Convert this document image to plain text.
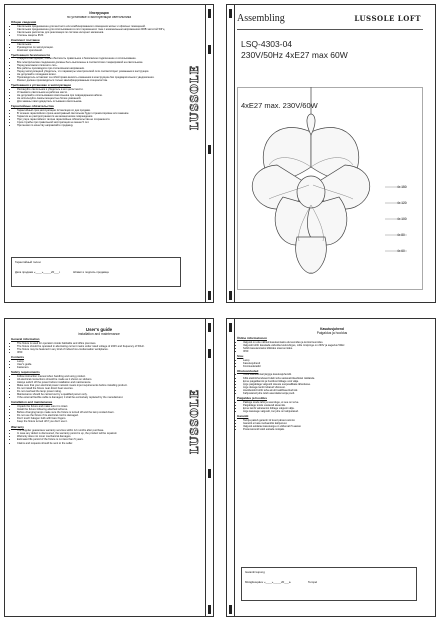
Инструкция
по установке и эксплуатации светильника
Общие сведения
• Светильник предназначен для местного или комбинированного освещения жилых и офисных помещений.
• Светильник предназначен для использования в сети переменного тока с номинальным напряжением 230В частотой 50Гц.
• Светильник рассчитан для реализации по системе интернет магазинов.
• Степень защиты IP20.
Комплект поставки
• Светильник.
• Руководство по эксплуатации.
• Комплект креплений.
Требования безопасности
• Следуйте инструкции, чтобы обеспечить правильное и безопасное подключение и использование.
• Все электрические соединения должны быть выполнены в соответствии с маркировкой на светильнике.
• Перед монтажом отключите сеть.
• Все работы производите при отключённом напряжении.
• Перед эксплуатацией убедитесь, что параметры электрической сети соответствуют указанным в инструкции.
• Не допускайте попадания влаги.
• Производитель оставляет за собой право вносить изменения в конструкцию без предварительного уведомления.
• Ремонт должен производиться только квалифицированным специалистом.
Требования к установке и эксплуатации
• Распакуйте светильник и убедитесь в его целостности.
• Установите светильник на рабочее место.
• Не допускайте использования светильника при повреждённом кабеле.
• Не используйте лампы мощностью более указанной.
• Для замены ламп дождитесь остывания светильника.
Гарантийные обязательства
• Гарантийный срок эксплуатации 12 месяцев со дня продажи.
• В течение гарантийного срока неисправный светильник будет отремонтирован или заменён.
• Гарантия не распространяется на механические повреждения.
• При утере гарантийного талона гарантийные обязательства не сохраняются.
• Срок службы при правильной эксплуатации не менее 5 лет.
• Претензии по качеству направляйте продавцу.	LUSSOLE
Гарантийный талон:
Дата продажи «____»_____20___г.	Штамп и подпись продавца
Assembling	LUSSOLE LOFT
LSQ-4303-04
230V/50Hz 4xE27 max 60W
4xE27 max. 230V/60W
4x 150
4x 120
4x 100
4x 80
4x 60
User's guide
installation and maintenance
General information
• The fixture is used for operation inside habitable and office premises.
• The fixture should be operated in alternating current mains under rated voltage of 230V and frequency of 50Hz.
• The fixture may be featured in any kind of indoor/non-condensation workplaces.
• IP20
Contents
• Lamp.
• User's guide.
• Fasteners.
Safety requirements
• Follow instruction manual when handling and using product.
• All electrical connections should be made as it shown on stickers.
• Always switch off the power before installation and maintenance.
• Make sure that your electrical power network meets input requirements before installing product.
• Do not install the fixture near direct heat sources.
• Do not overload the lamp power rating.
• Maintenance should be carried out by a qualified person only.
• If the external flexible cable is damaged, it shall be exclusively replaced by the manufacturer.
Installation and maintenance
• Unpack the fixture and make sure it is intact.
• Install the fixture following attached scheme.
• Before changing lamps make sure the fixture is turned off and the lamp cooled down.
• Do not use the fixture if its electrical cord is damaged.
• Don't touch halogen bulb with bare fingers.
• Keep the fixture turned off if you don't use it.
Warranty
• The supplier guarantees warranty services within 12 months after purchase.
• In case any defect is discovered, the warranty period is up, the product will be repaired.
• Warranty does not cover mechanical damages.
• Estimated life period of the fixture is not less than 5 years.
• Claims and requests should be sent to the seller.	LUSSOLE
Kasutusjuhend
Paigaldus ja hooldus
Üldine informatsioon
• Valgusti on ette nähtud kasutamiseks eluruumides ja kontoriruumides.
• Valgustit tohib kasutada vahelduvvooluvõrgus, mille nimipinge on 230V ja sagedus 50Hz.
• Sobib kasutamiseks kõikides siseruumides.
• IP20
Sisu
• Lamp
• Kasutusjuhend
• Kinnitusdetailid
Ohutusnõuded
• Toote kasutamisel järgige kasutusjuhendit.
• Kõik elektriühendused tuleb teha vastavalt kleebistel näidatule.
• Enne paigaldamist ja hooldust lülitage vool välja.
• Ärge paigaldage valgustit otseste soojusallikate lähedusse.
• Ärge ületage lambi lubatud võimsust.
• Hooldustöid tohib teha ainult kvalifitseeritud isik.
• Kahjustatud juhe tuleb asendada tootja poolt.
Paigaldus ja hooldus
• Pakkige toode lahti ja veenduge, et see on terve.
• Paigaldage toode vastavalt skeemile.
• Enne lambi vahetamist lülitage valgusti välja.
• Ärge kasutage valgustit, kui juhe on kahjustatud.
Garantii
• Tarnija pakub garantii 12 kuud pärast ostmist.
• Garantii ei kata mehaanilisi kahjustusi.
• Valgusti eeldatav kasutusiga on vähemalt 5 aastat.
• Pretensioonid tuleb esitada müüjale.
Garantii kupong
Müügikuupäev «____»_____20___a.	Tempel
